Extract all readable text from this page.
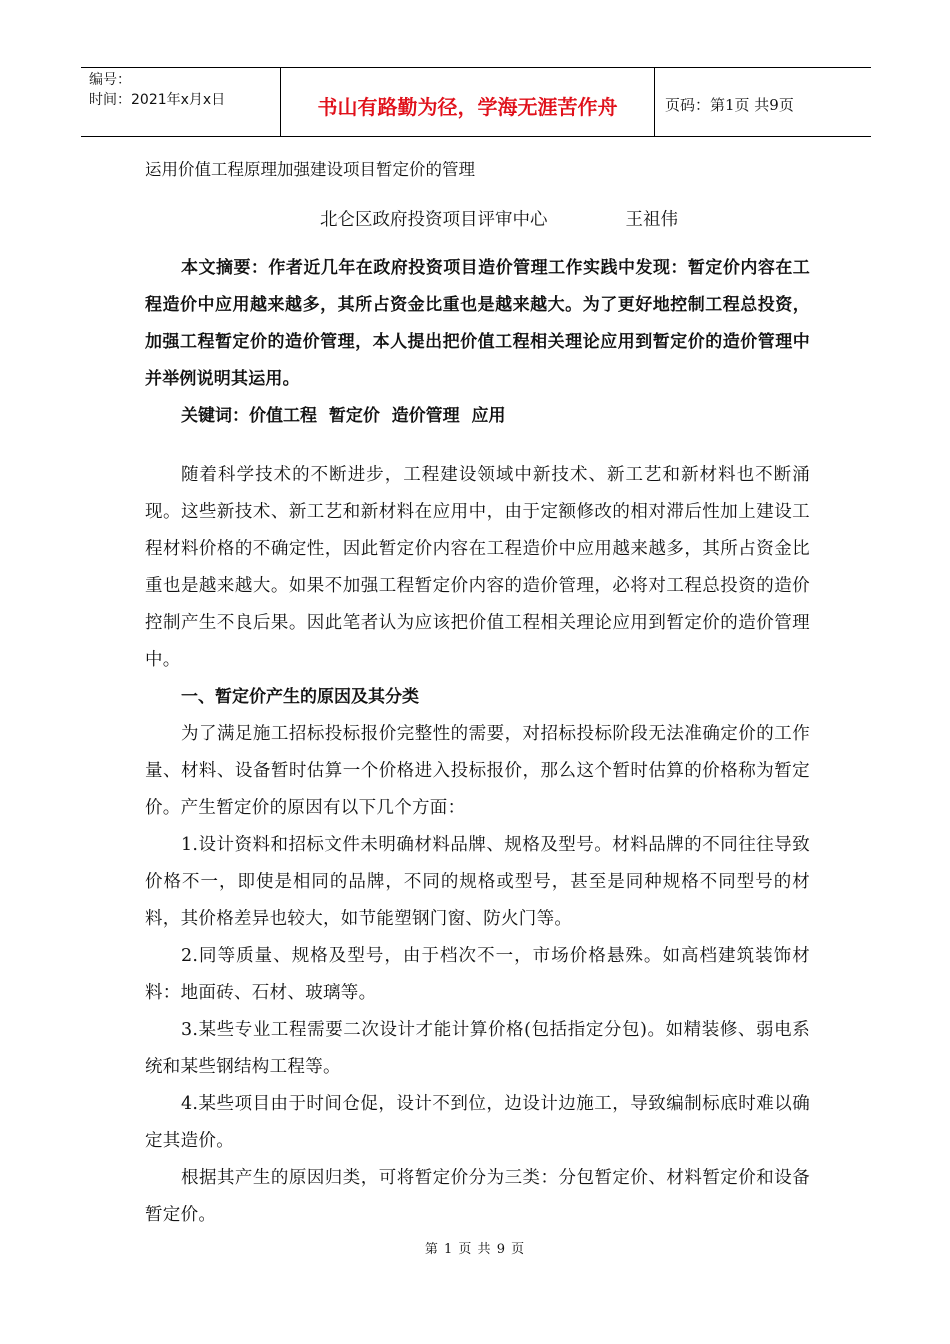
编号：
时间：2021年x月x日	书山有路勤为径，学海无涯苦作舟	页码：第1页 共9页

运用价值工程原理加强建设项目暂定价的管理

北仑区政府投资项目评审中心	王祖伟

本文摘要：作者近几年在政府投资项目造价管理工作实践中发现：暂定价内容在工程造价中应用越来越多，其所占资金比重也是越来越大。为了更好地控制工程总投资，加强工程暂定价的造价管理，本人提出把价值工程相关理论应用到暂定价的造价管理中并举例说明其运用。

关键词：价值工程  暂定价  造价管理  应用

随着科学技术的不断进步，工程建设领域中新技术、新工艺和新材料也不断涌现。这些新技术、新工艺和新材料在应用中，由于定额修改的相对滞后性加上建设工程材料价格的不确定性，因此暂定价内容在工程造价中应用越来越多，其所占资金比重也是越来越大。如果不加强工程暂定价内容的造价管理，必将对工程总投资的造价控制产生不良后果。因此笔者认为应该把价值工程相关理论应用到暂定价的造价管理中。

一、暂定价产生的原因及其分类

为了满足施工招标投标报价完整性的需要，对招标投标阶段无法准确定价的工作量、材料、设备暂时估算一个价格进入投标报价，那么这个暂时估算的价格称为暂定价。产生暂定价的原因有以下几个方面：

1.设计资料和招标文件未明确材料品牌、规格及型号。材料品牌的不同往往导致价格不一，即使是相同的品牌，不同的规格或型号，甚至是同种规格不同型号的材料，其价格差异也较大，如节能塑钢门窗、防火门等。

2.同等质量、规格及型号，由于档次不一，市场价格悬殊。如高档建筑装饰材料：地面砖、石材、玻璃等。

3.某些专业工程需要二次设计才能计算价格(包括指定分包)。如精装修、弱电系统和某些钢结构工程等。

4.某些项目由于时间仓促，设计不到位，边设计边施工，导致编制标底时难以确定其造价。

根据其产生的原因归类，可将暂定价分为三类：分包暂定价、材料暂定价和设备暂定价。

第 1 页 共 9 页
